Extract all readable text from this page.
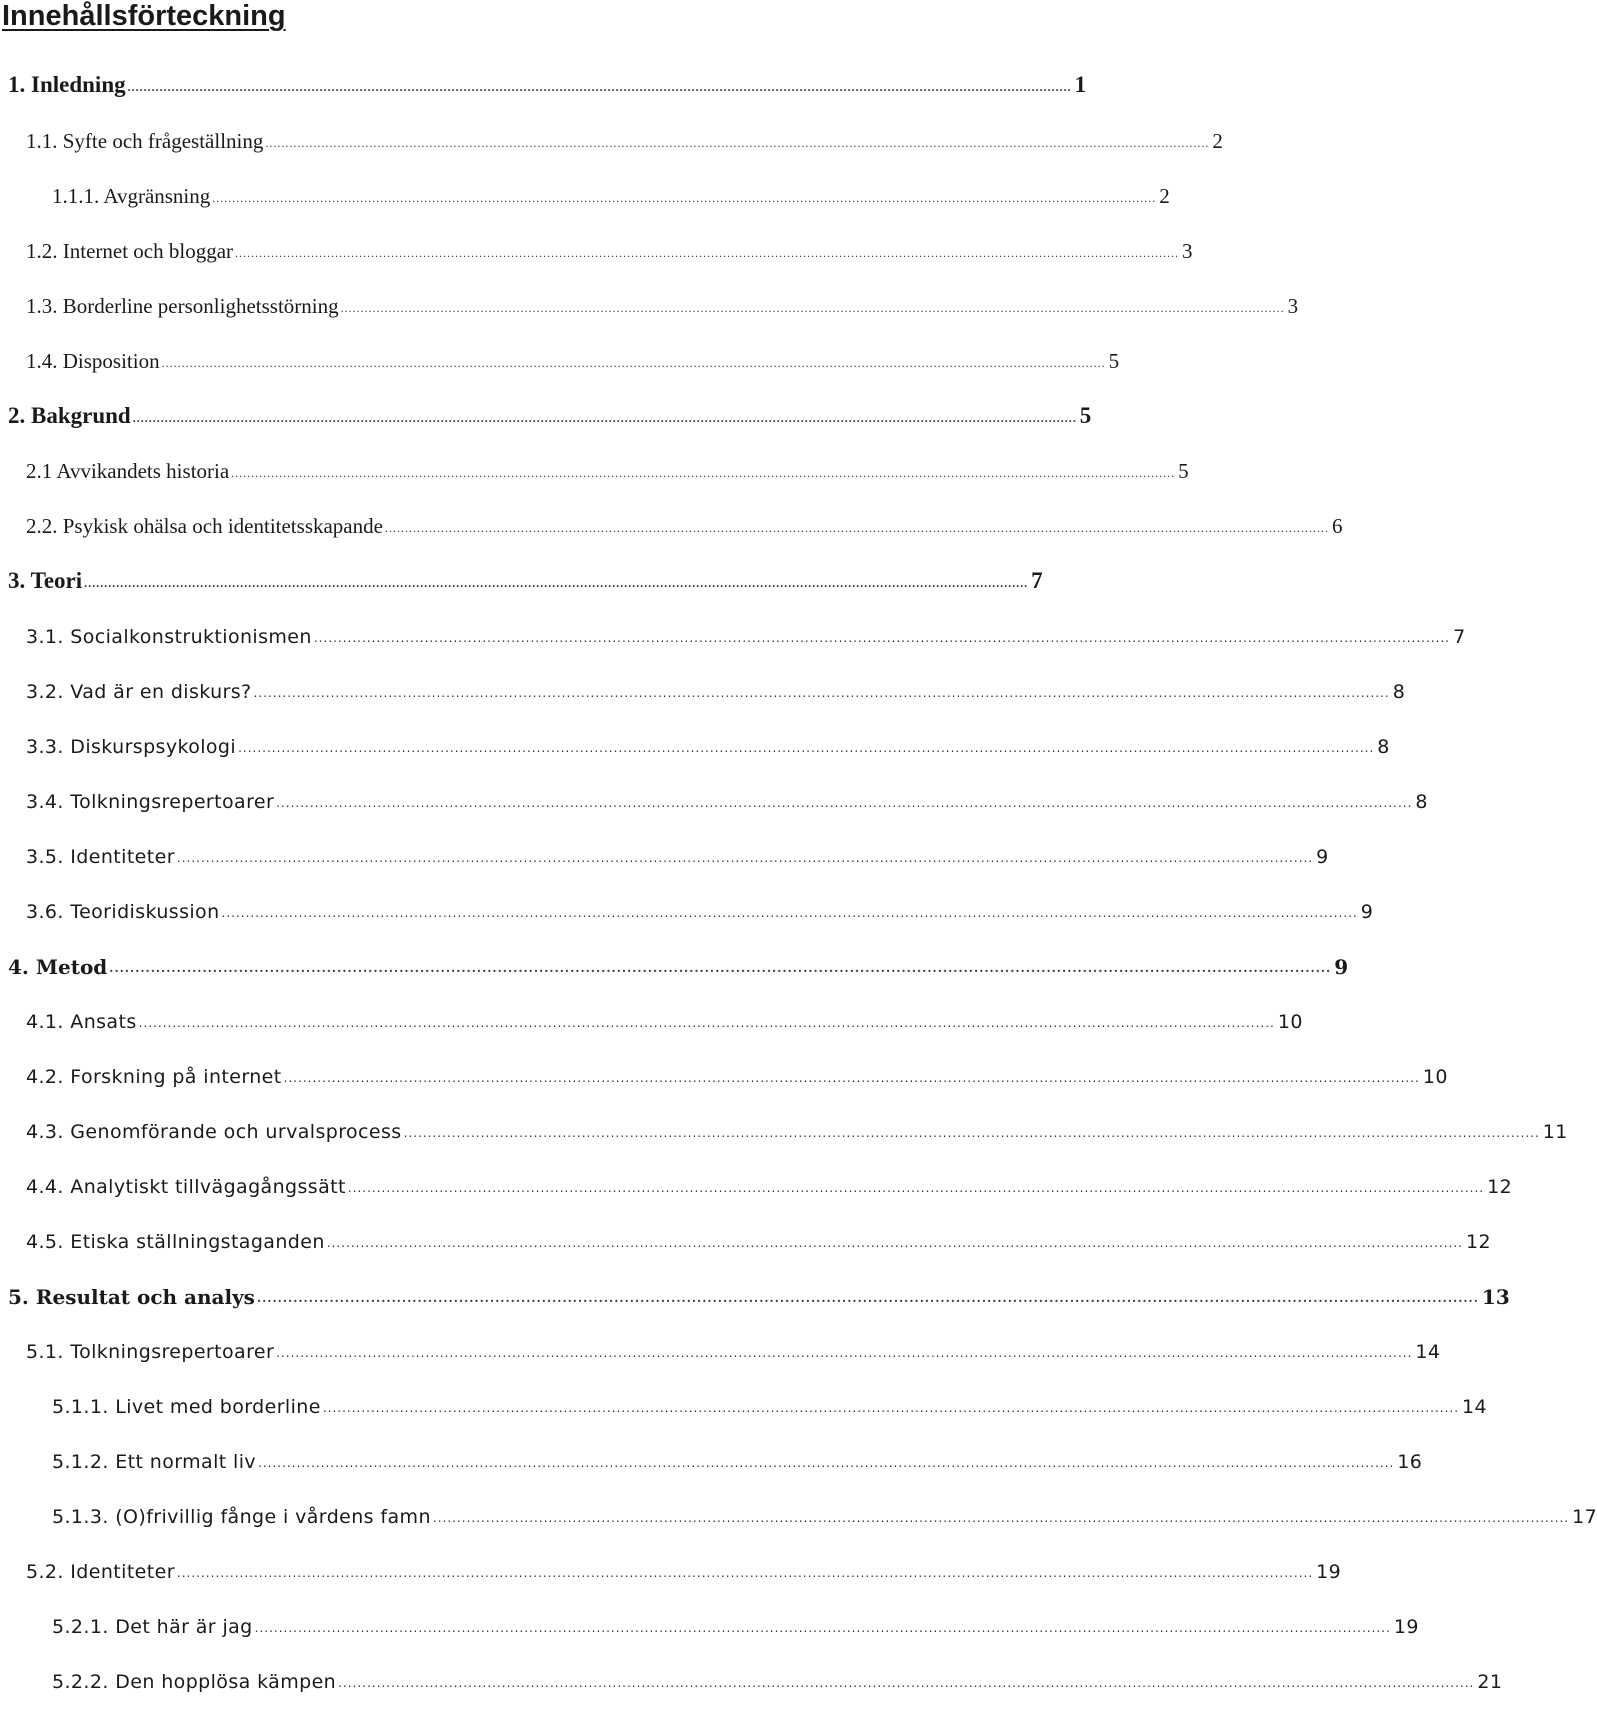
Innehållsförteckning
1. Inledning ............................................................................................................................................................................................................................................ 1
1.1. Syfte och frågeställning ............................................................................................................................................................................................................................................ 2
1.1.1. Avgränsning ............................................................................................................................................................................................................................................ 2
1.2. Internet och bloggar ............................................................................................................................................................................................................................................ 3
1.3. Borderline personlighetsstörning ............................................................................................................................................................................................................................................ 3
1.4. Disposition ............................................................................................................................................................................................................................................ 5
2. Bakgrund ............................................................................................................................................................................................................................................ 5
2.1 Avvikandets historia ............................................................................................................................................................................................................................................ 5
2.2. Psykisk ohälsa och identitetsskapande ............................................................................................................................................................................................................................................ 6
3. Teori ............................................................................................................................................................................................................................................ 7
3.1. Socialkonstruktionismen ............................................................................................................................................................................................................................................ 7
3.2. Vad är en diskurs? ............................................................................................................................................................................................................................................ 8
3.3. Diskurspsykologi ............................................................................................................................................................................................................................................ 8
3.4. Tolkningsrepertoarer ............................................................................................................................................................................................................................................ 8
3.5. Identiteter ............................................................................................................................................................................................................................................ 9
3.6. Teoridiskussion ............................................................................................................................................................................................................................................ 9
4. Metod ............................................................................................................................................................................................................................................ 9
4.1. Ansats ............................................................................................................................................................................................................................................ 10
4.2. Forskning på internet ............................................................................................................................................................................................................................................ 10
4.3. Genomförande och urvalsprocess ............................................................................................................................................................................................................................................ 11
4.4. Analytiskt tillvägagångssätt ............................................................................................................................................................................................................................................ 12
4.5. Etiska ställningstaganden ............................................................................................................................................................................................................................................ 12
5. Resultat och analys ............................................................................................................................................................................................................................................ 13
5.1. Tolkningsrepertoarer ............................................................................................................................................................................................................................................ 14
5.1.1. Livet med borderline ............................................................................................................................................................................................................................................ 14
5.1.2. Ett normalt liv ............................................................................................................................................................................................................................................ 16
5.1.3. (O)frivillig fånge i vårdens famn ............................................................................................................................................................................................................................................ 17
5.2. Identiteter ............................................................................................................................................................................................................................................ 19
5.2.1. Det här är jag ............................................................................................................................................................................................................................................ 19
5.2.2. Den hopplösa kämpen ............................................................................................................................................................................................................................................ 21
